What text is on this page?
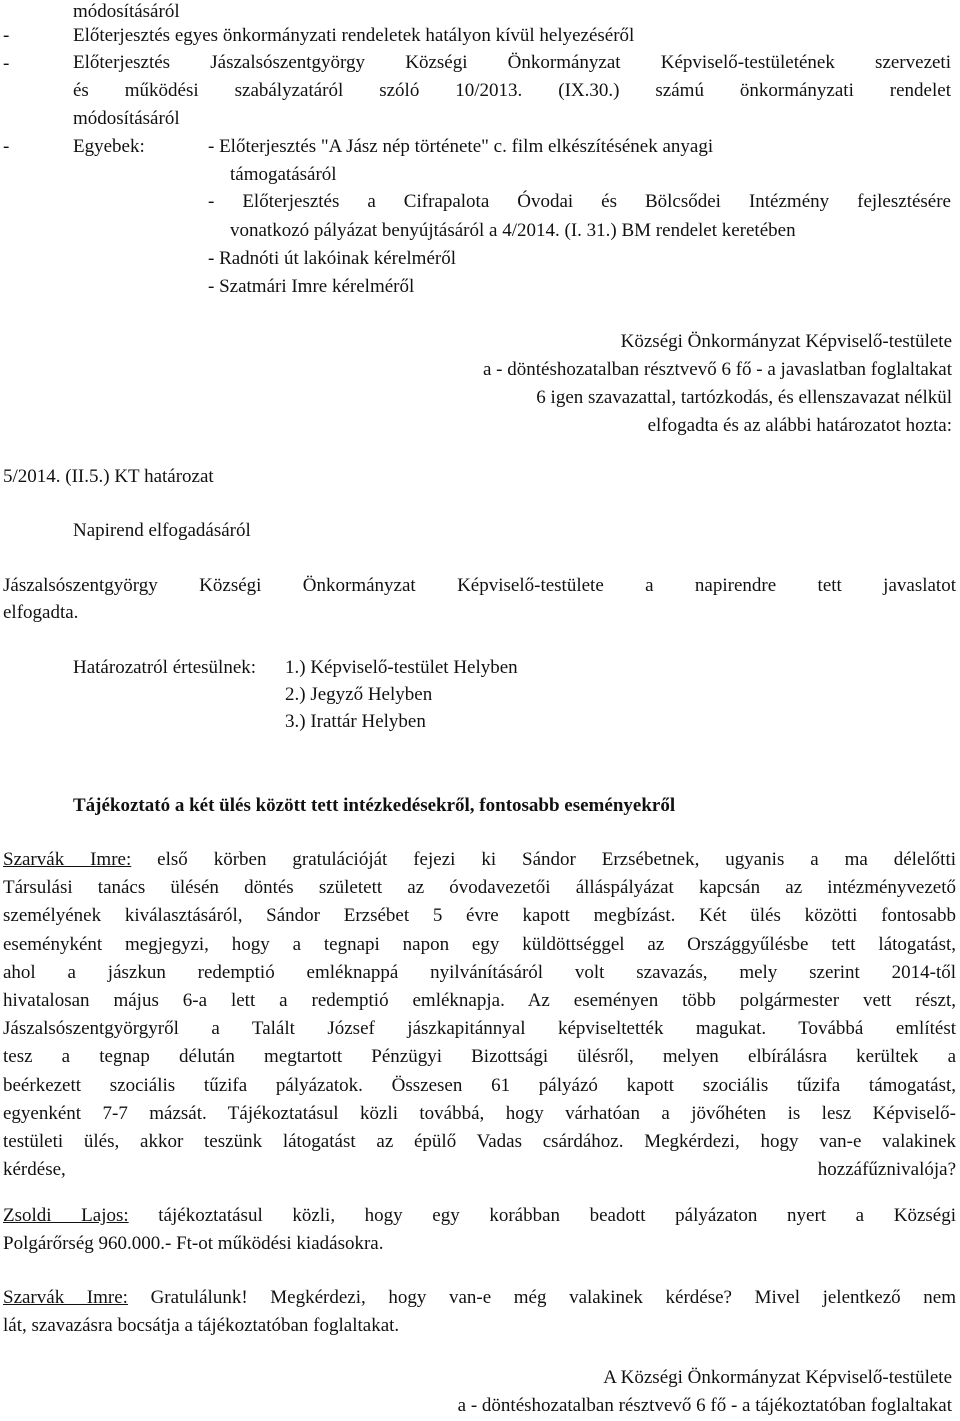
módosításáról
-	Előterjesztés egyes önkormányzati rendeletek hatályon kívül helyezéséről
-	Előterjesztés Jászalsószentgyörgy Községi Önkormányzat Képviselő-testületének szervezeti
és működési szabályzatáról szóló 10/2013. (IX.30.) számú önkormányzati rendelet
módosításáról
-	Egyebek:	- Előterjesztés "A Jász nép története" c. film elkészítésének anyagi
támogatásáról
- Előterjesztés a Cifrapalota Óvodai és Bölcsődei Intézmény fejlesztésére
vonatkozó pályázat benyújtásáról a 4/2014. (I. 31.) BM rendelet keretében
- Radnóti út lakóinak kérelméről
- Szatmári Imre kérelméről
Községi Önkormányzat Képviselő-testülete
a - döntéshozatalban résztvevő 6 fő - a javaslatban foglaltakat
6 igen szavazattal, tartózkodás, és ellenszavazat nélkül
elfogadta és az alábbi határozatot hozta:
5/2014. (II.5.) KT határozat
Napirend elfogadásáról
Jászalsószentgyörgy Községi Önkormányzat Képviselő-testülete a napirendre tett javaslatot
elfogadta.
Határozatról értesülnek: 1.) Képviselő-testület Helyben
2.) Jegyző Helyben
3.) Irattár Helyben
Tájékoztató a két ülés között tett intézkedésekről, fontosabb eseményekről
Szarvák Imre: első körben gratulációját fejezi ki Sándor Erzsébetnek, ugyanis a ma délelőtti
Társulási tanács ülésén döntés született az óvodavezetői álláspályázat kapcsán az intézményvezető
személyének kiválasztásáról, Sándor Erzsébet 5 évre kapott megbízást. Két ülés közötti fontosabb
eseményként megjegyzi, hogy a tegnapi napon egy küldöttséggel az Országgyűlésbe tett látogatást,
ahol a jászkun redemptió emléknappá nyilvánításáról volt szavazás, mely szerint 2014-től
hivatalosan május 6-a lett a redemptió emléknapja. Az eseményen több polgármester vett részt,
Jászalsószentgyörgyről a Talált József jászkapitánnyal képviseltették magukat. Továbbá említést
tesz a tegnap délután megtartott Pénzügyi Bizottsági ülésről, melyen elbírálásra kerültek a
beérkezett szociális tűzifa pályázatok. Összesen 61 pályázó kapott szociális tűzifa támogatást,
egyenként 7-7 mázsát. Tájékoztatásul közli továbbá, hogy várhatóan a jövőhéten is lesz Képviselő-
testületi ülés, akkor teszünk látogatást az épülő Vadas csárdához. Megkérdezi, hogy van-e valakinek
kérdése, hozzáfűznivalója?
Zsoldi Lajos: tájékoztatásul közli, hogy egy korábban beadott pályázaton nyert a Községi
Polgárőrség 960.000.- Ft-ot működési kiadásokra.
Szarvák Imre: Gratulálunk! Megkérdezi, hogy van-e még valakinek kérdése? Mivel jelentkező nem
lát, szavazásra bocsátja a tájékoztatóban foglaltakat.
A Községi Önkormányzat Képviselő-testülete
a - döntéshozatalban résztvevő 6 fő - a tájékoztatóban foglaltakat
